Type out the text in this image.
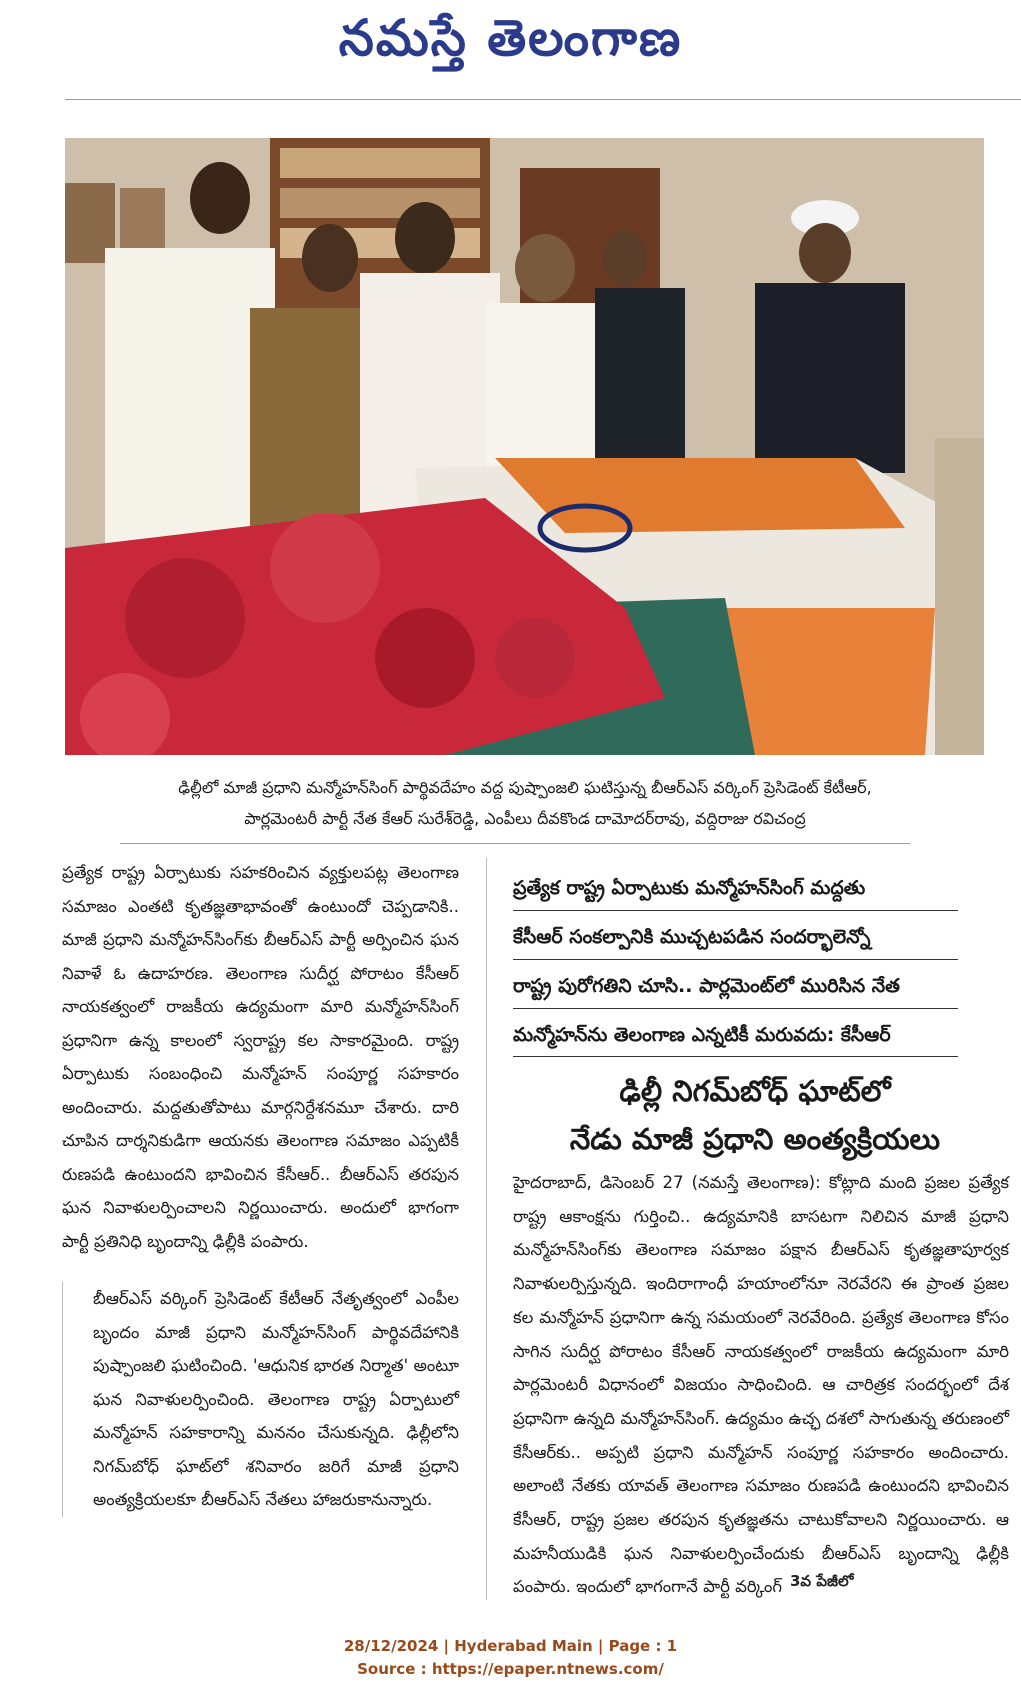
నమస్తే తెలంగాణ
ఢిల్లీలో మాజీ ప్రధాని మన్మోహన్‌సింగ్ పార్థివదేహం వద్ద పుష్పాంజలి ఘటిస్తున్న బీఆర్‌ఎస్ వర్కింగ్ ప్రెసిడెంట్ కేటీఆర్,
పార్లమెంటరీ పార్టీ నేత కేఆర్ సురేశ్‌రెడ్డి, ఎంపీలు దీవకొండ దామోదర్‌రావు, వద్దిరాజు రవిచంద్ర

ప్రత్యేక రాష్ట్ర ఏర్పాటుకు సహకరించిన వ్యక్తులపట్ల తెలంగాణ సమాజం ఎంతటి కృతజ్ఞతాభావంతో ఉంటుందో చెప్పడానికి.. మాజీ ప్రధాని మన్మోహన్‌సింగ్‌కు బీఆర్‌ఎస్ పార్టీ అర్పించిన ఘన నివాళే ఓ ఉదాహరణ. తెలంగాణ సుదీర్ఘ పోరాటం కేసీఆర్ నాయకత్వంలో రాజకీయ ఉద్యమంగా మారి మన్మోహన్‌సింగ్ ప్రధానిగా ఉన్న కాలంలో స్వరాష్ట్ర కల సాకారమైంది. రాష్ట్ర ఏర్పాటుకు సంబంధించి మన్మోహన్ సంపూర్ణ సహకారం అందించారు. మద్దతుతోపాటు మార్గనిర్దేశనమూ చేశారు. దారి చూపిన దార్శనికుడిగా ఆయనకు తెలంగాణ సమాజం ఎప్పటికీ రుణపడి ఉంటుందని భావించిన కేసీఆర్.. బీఆర్‌ఎస్ తరపున ఘన నివాళులర్పించాలని నిర్ణయించారు. అందులో భాగంగా పార్టీ ప్రతినిధి బృందాన్ని ఢిల్లీకి పంపారు.

బీఆర్‌ఎస్ వర్కింగ్ ప్రెసిడెంట్ కేటీఆర్ నేతృత్వంలో ఎంపీల బృందం మాజీ ప్రధాని మన్మోహన్‌సింగ్ పార్థివదేహానికి పుష్పాంజలి ఘటించింది. 'ఆధునిక భారత నిర్మాత' అంటూ ఘన నివాళులర్పించింది. తెలంగాణ రాష్ట్ర ఏర్పాటులో మన్మోహన్ సహకారాన్ని మననం చేసుకున్నది. ఢిల్లీలోని నిగమ్‌బోధ్ ఘాట్‌లో శనివారం జరిగే మాజీ ప్రధాని అంత్యక్రియలకూ బీఆర్‌ఎస్ నేతలు హాజరుకానున్నారు.

ప్రత్యేక రాష్ట్ర ఏర్పాటుకు మన్మోహన్‌సింగ్ మద్దతు
కేసీఆర్ సంకల్పానికి ముచ్చటపడిన సందర్భాలెన్నో
రాష్ట్ర పురోగతిని చూసి.. పార్లమెంట్‌లో మురిసిన నేత
మన్మోహన్‌ను తెలంగాణ ఎన్నటికీ మరువదు: కేసీఆర్
ఢిల్లీ నిగమ్‌బోధ్ ఘాట్‌లో
నేడు మాజీ ప్రధాని అంత్యక్రియలు

హైదరాబాద్, డిసెంబర్ 27 (నమస్తే తెలంగాణ): కోట్లాది మంది ప్రజల ప్రత్యేక రాష్ట్ర ఆకాంక్షను గుర్తించి.. ఉద్యమానికి బాసటగా నిలిచిన మాజీ ప్రధాని మన్మోహన్‌సింగ్‌కు తెలంగాణ సమాజం పక్షాన బీఆర్‌ఎస్ కృతజ్ఞతాపూర్వక నివాళులర్పిస్తున్నది. ఇందిరాగాంధీ హయాంలోనూ నెరవేరని ఈ ప్రాంత ప్రజల కల మన్మోహన్ ప్రధానిగా ఉన్న సమయంలో నెరవేరింది. ప్రత్యేక తెలంగాణ కోసం సాగిన సుదీర్ఘ పోరాటం కేసీఆర్ నాయకత్వంలో రాజకీయ ఉద్యమంగా మారి పార్లమెంటరీ విధానంలో విజయం సాధించింది. ఆ చారిత్రక సందర్భంలో దేశ ప్రధానిగా ఉన్నది మన్మోహన్‌సింగ్. ఉద్యమం ఉచ్ఛ దశలో సాగుతున్న తరుణంలో కేసీఆర్‌కు.. అప్పటి ప్రధాని మన్మోహన్ సంపూర్ణ సహకారం అందించారు. అలాంటి నేతకు యావత్ తెలంగాణ సమాజం రుణపడి ఉంటుందని భావించిన కేసీఆర్, రాష్ట్ర ప్రజల తరపున కృతజ్ఞతను చాటుకోవాలని నిర్ణయించారు. ఆ మహనీయుడికి ఘన నివాళులర్పించేందుకు బీఆర్‌ఎస్ బృందాన్ని ఢిల్లీకి పంపారు. ఇందులో భాగంగానే పార్టీ వర్కింగ్ 3వ పేజీలో
28/12/2024 | Hyderabad Main | Page : 1
Source : https://epaper.ntnews.com/
